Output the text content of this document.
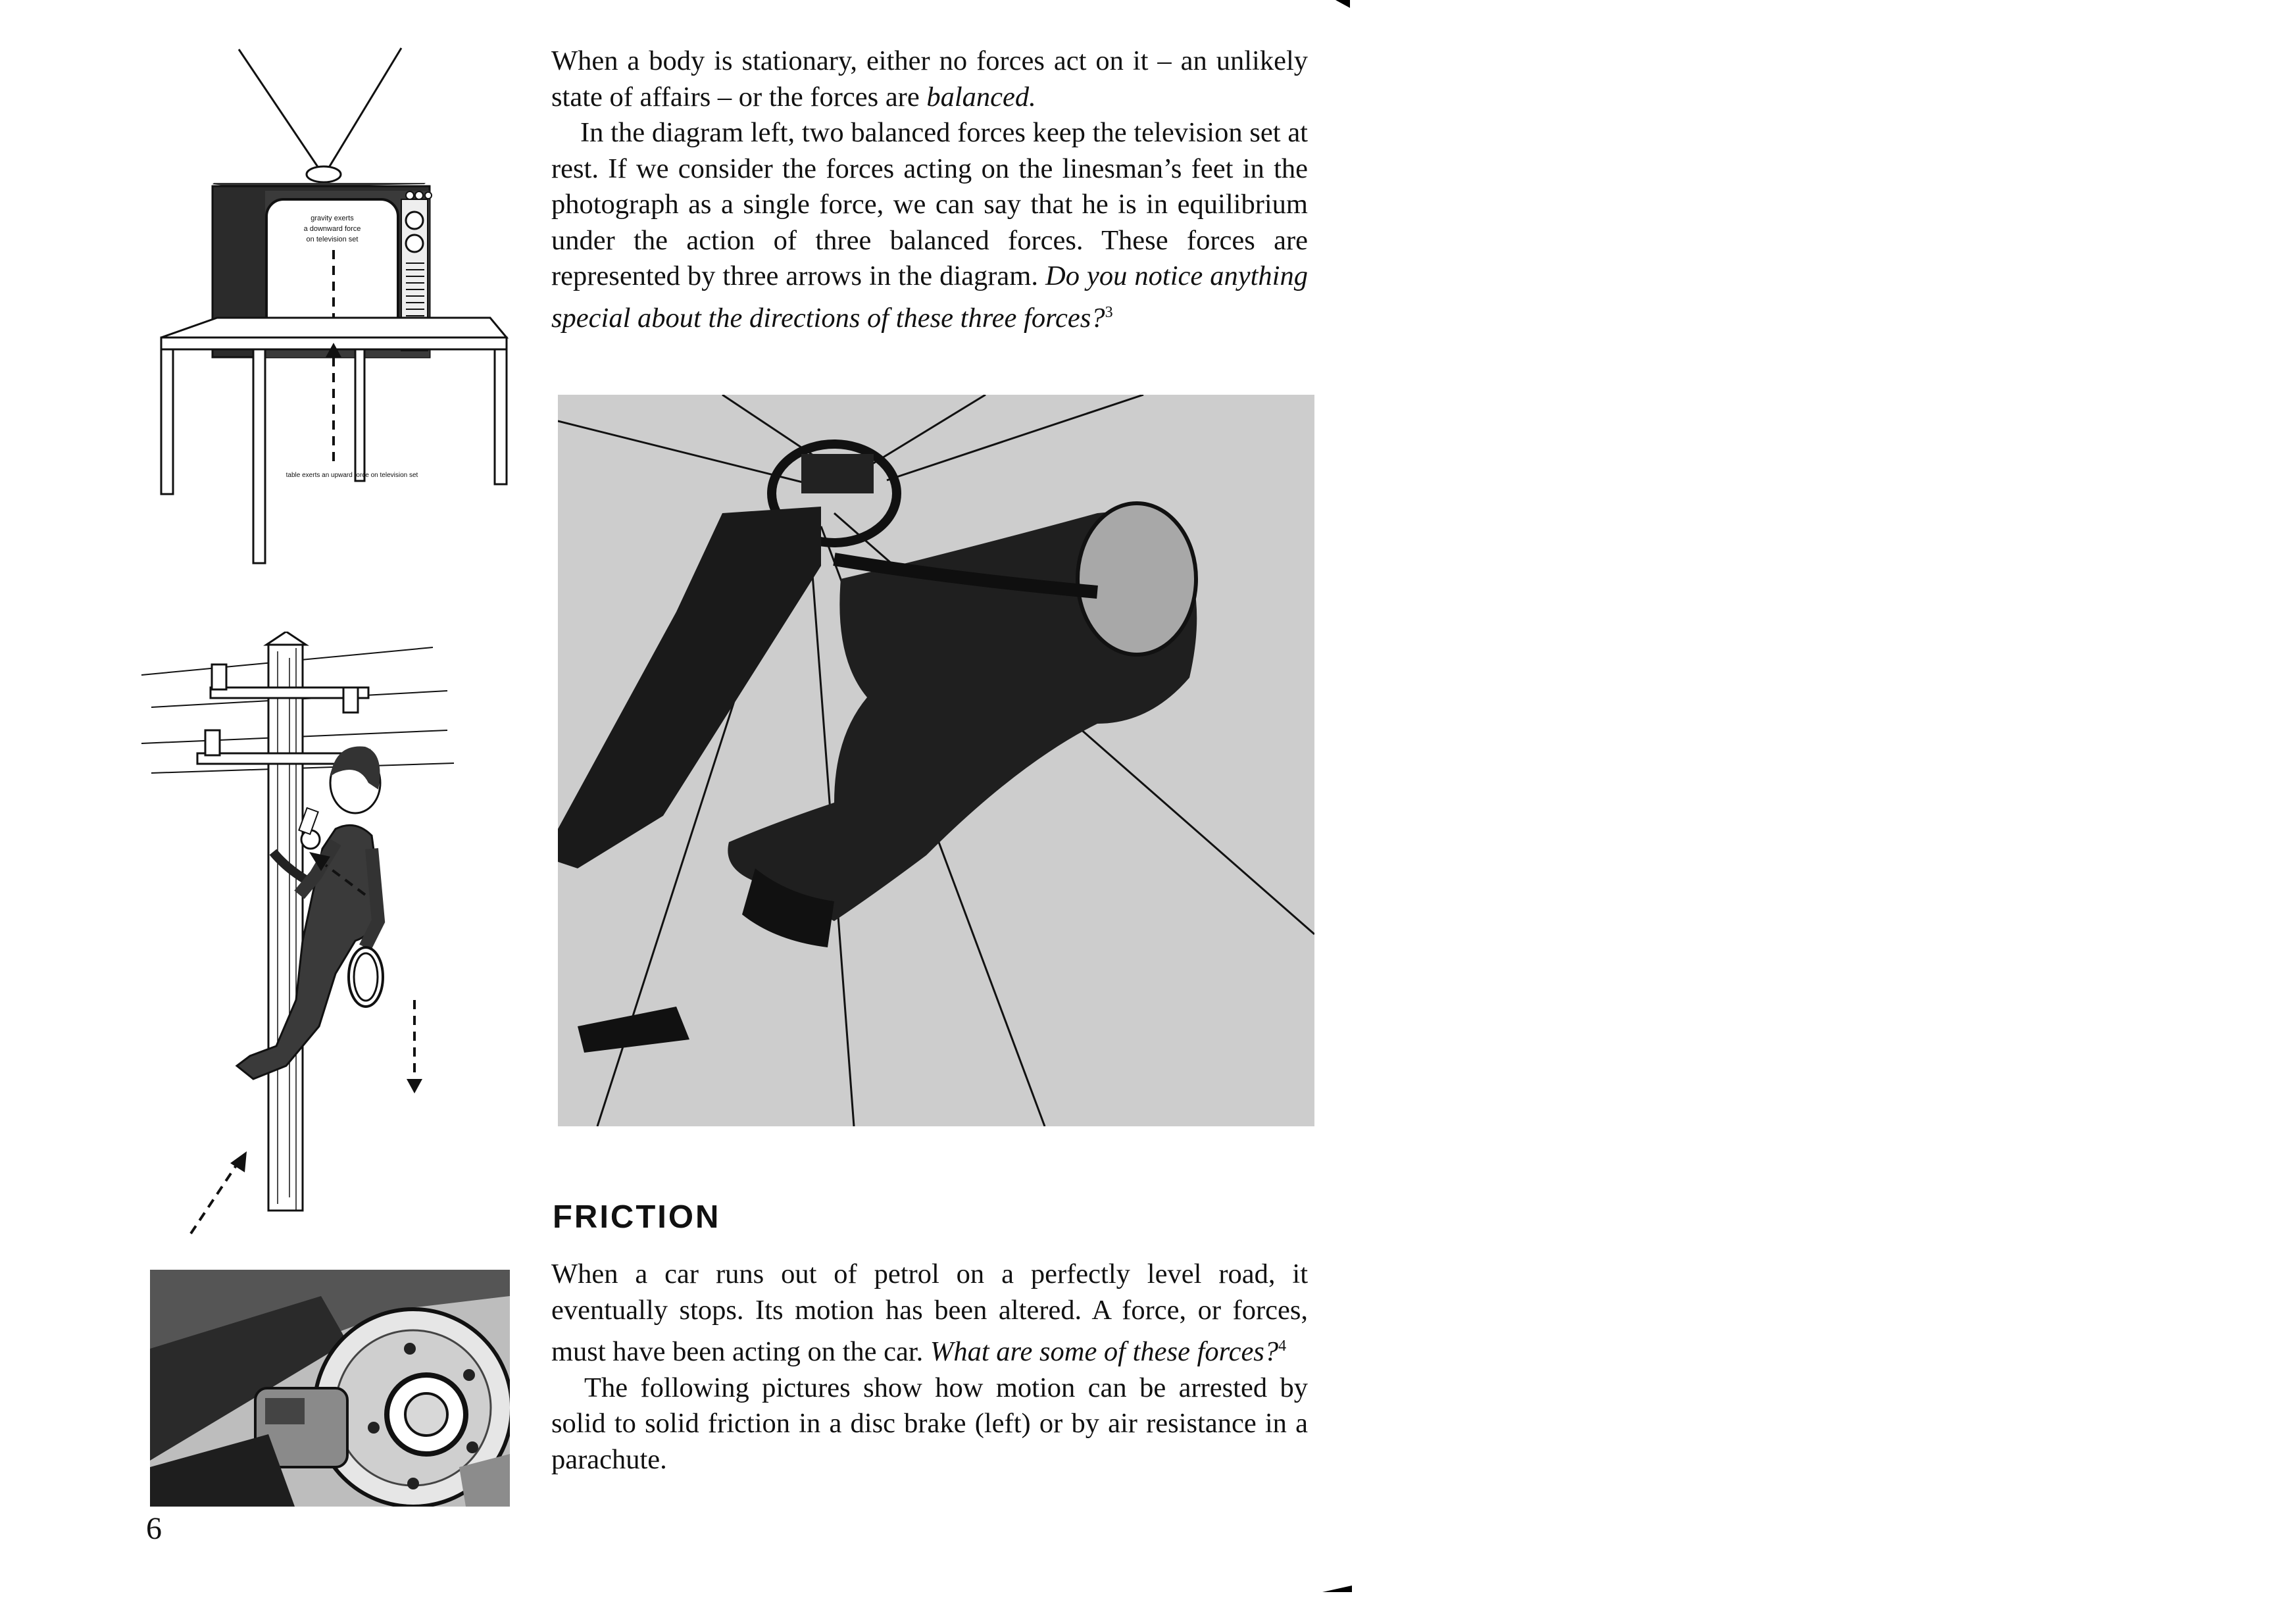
gravity exerts
a downward force
on television set
table exerts an upward force on television set

When a body is stationary, either no forces act on it – an unlikely state of affairs – or the forces are balanced.

In the diagram left, two balanced forces keep the television set at rest. If we consider the forces acting on the linesman’s feet in the photograph as a single force, we can say that he is in equilibrium under the action of three balanced forces. These forces are represented by three arrows in the diagram. Do you notice anything special about the directions of these three forces?$^3$

FRICTION

When a car runs out of petrol on a perfectly level road, it eventually stops. Its motion has been altered. A force, or forces, must have been acting on the car. What are some of these forces?$^4$

The following pictures show how motion can be arrested by solid to solid friction in a disc brake (left) or by air resistance in a parachute.

6
